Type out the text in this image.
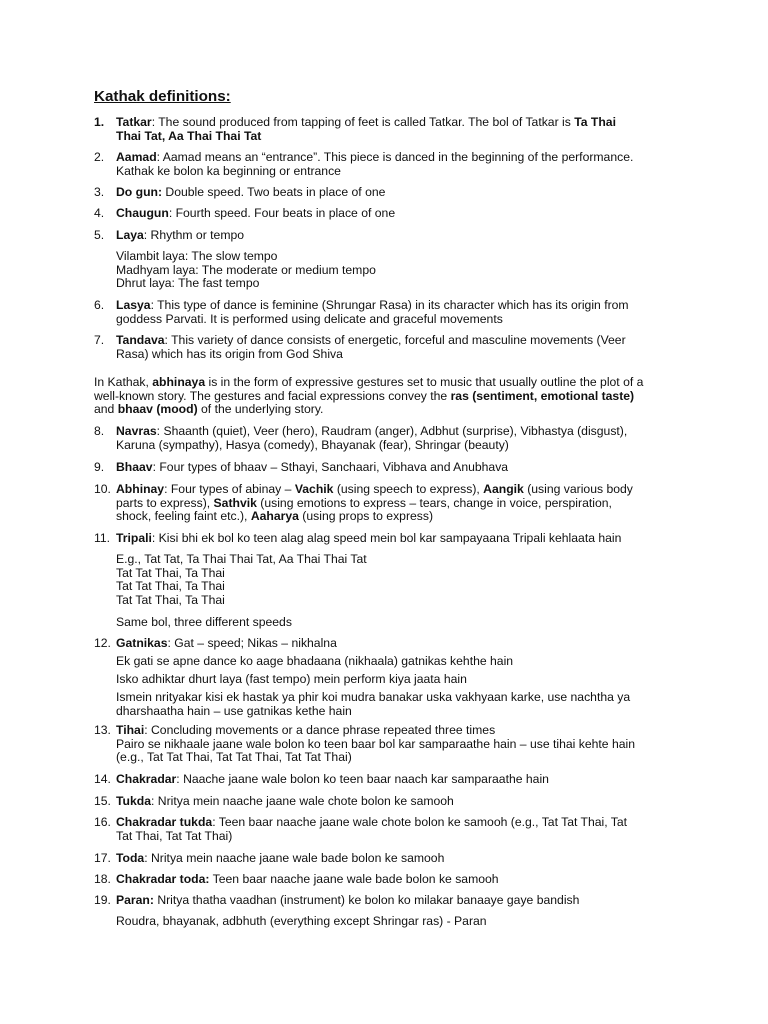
Kathak definitions:
1. Tatkar: The sound produced from tapping of feet is called Tatkar. The bol of Tatkar is Ta Thai
Thai Tat, Aa Thai Thai Tat
2. Aamad: Aamad means an “entrance”. This piece is danced in the beginning of the performance.
Kathak ke bolon ka beginning or entrance
3. Do gun: Double speed. Two beats in place of one
4. Chaugun: Fourth speed. Four beats in place of one
5. Laya: Rhythm or tempo
Vilambit laya: The slow tempo
Madhyam laya: The moderate or medium tempo
Dhrut laya: The fast tempo
6. Lasya: This type of dance is feminine (Shrungar Rasa) in its character which has its origin from
goddess Parvati. It is performed using delicate and graceful movements
7. Tandava: This variety of dance consists of energetic, forceful and masculine movements (Veer
Rasa) which has its origin from God Shiva
In Kathak, abhinaya is in the form of expressive gestures set to music that usually outline the plot of a
well-known story. The gestures and facial expressions convey the ras (sentiment, emotional taste)
and bhaav (mood) of the underlying story.
8. Navras: Shaanth (quiet), Veer (hero), Raudram (anger), Adbhut (surprise), Vibhastya (disgust),
Karuna (sympathy), Hasya (comedy), Bhayanak (fear), Shringar (beauty)
9. Bhaav: Four types of bhaav – Sthayi, Sanchaari, Vibhava and Anubhava
10. Abhinay: Four types of abinay – Vachik (using speech to express), Aangik (using various body
parts to express), Sathvik (using emotions to express – tears, change in voice, perspiration,
shock, feeling faint etc.), Aaharya (using props to express)
11. Tripali: Kisi bhi ek bol ko teen alag alag speed mein bol kar sampayaana Tripali kehlaata hain
E.g., Tat Tat, Ta Thai Thai Tat, Aa Thai Thai Tat
Tat Tat Thai, Ta Thai
Tat Tat Thai, Ta Thai
Tat Tat Thai, Ta Thai
Same bol, three different speeds
12. Gatnikas: Gat – speed; Nikas – nikhalna
Ek gati se apne dance ko aage bhadaana (nikhaala) gatnikas kehthe hain
Isko adhiktar dhurt laya (fast tempo) mein perform kiya jaata hain
Ismein nrityakar kisi ek hastak ya phir koi mudra banakar uska vakhyaan karke, use nachtha ya
dharshaatha hain – use gatnikas kethe hain
13. Tihai: Concluding movements or a dance phrase repeated three times
Pairo se nikhaale jaane wale bolon ko teen baar bol kar samparaathe hain – use tihai kehte hain
(e.g., Tat Tat Thai, Tat Tat Thai, Tat Tat Thai)
14. Chakradar: Naache jaane wale bolon ko teen baar naach kar samparaathe hain
15. Tukda: Nritya mein naache jaane wale chote bolon ke samooh
16. Chakradar tukda: Teen baar naache jaane wale chote bolon ke samooh (e.g., Tat Tat Thai, Tat
Tat Thai, Tat Tat Thai)
17. Toda: Nritya mein naache jaane wale bade bolon ke samooh
18. Chakradar toda: Teen baar naache jaane wale bade bolon ke samooh
19. Paran: Nritya thatha vaadhan (instrument) ke bolon ko milakar banaaye gaye bandish
Roudra, bhayanak, adbhuth (everything except Shringar ras) - Paran
